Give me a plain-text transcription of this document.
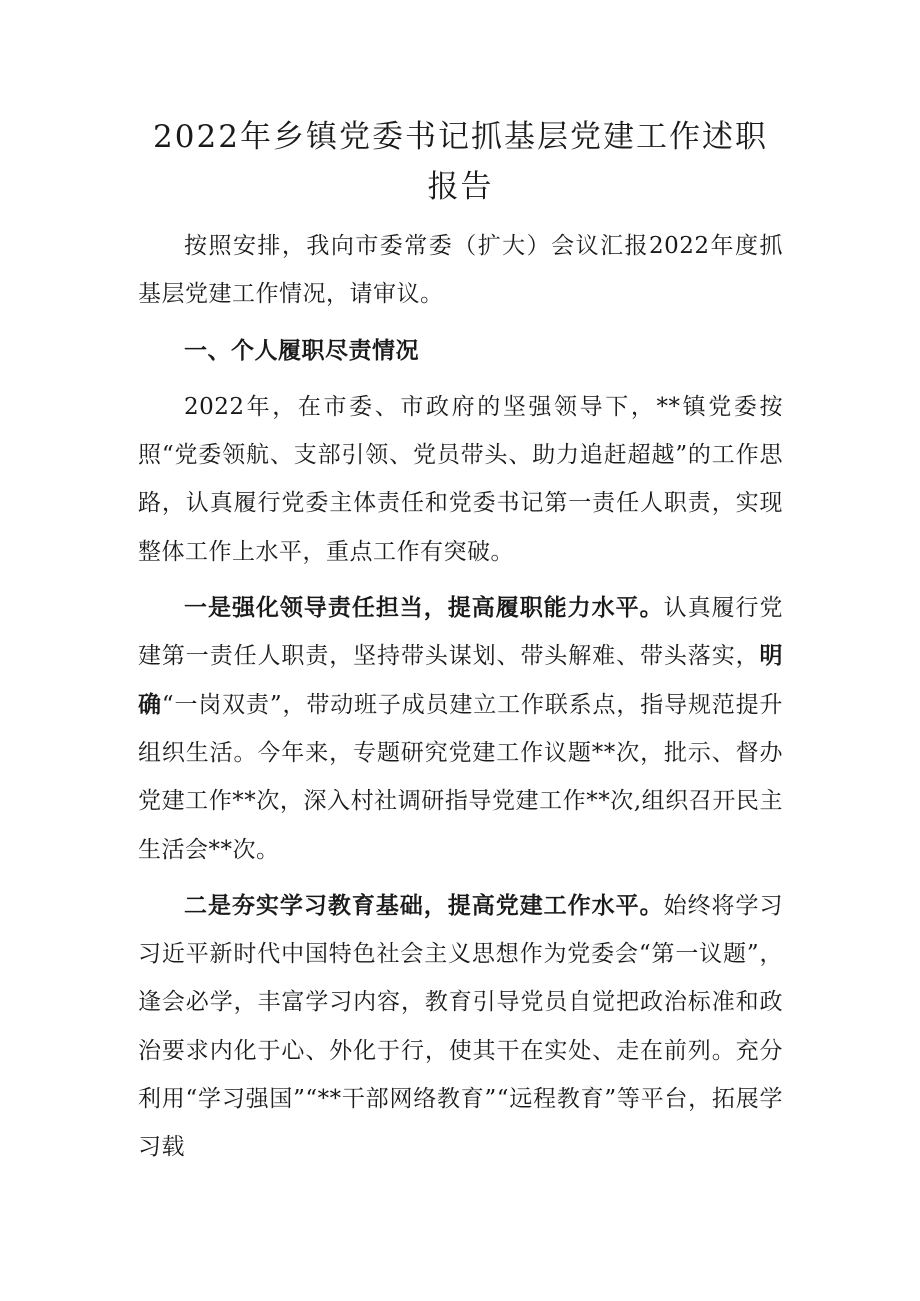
2022年乡镇党委书记抓基层党建工作述职
报告

按照安排，我向市委常委（扩大）会议汇报2022年度抓基层党建工作情况，请审议。

一、个人履职尽责情况

2022年，在市委、市政府的坚强领导下，**镇党委按照“党委领航、支部引领、党员带头、助力追赶超越”的工作思路，认真履行党委主体责任和党委书记第一责任人职责，实现整体工作上水平，重点工作有突破。

一是强化领导责任担当，提高履职能力水平。认真履行党建第一责任人职责，坚持带头谋划、带头解难、带头落实，明确“一岗双责”，带动班子成员建立工作联系点，指导规范提升组织生活。今年来，专题研究党建工作议题**次，批示、督办党建工作**次，深入村社调研指导党建工作**次,组织召开民主生活会**次。

二是夯实学习教育基础，提高党建工作水平。始终将学习习近平新时代中国特色社会主义思想作为党委会“第一议题”，逢会必学，丰富学习内容，教育引导党员自觉把政治标准和政治要求内化于心、外化于行，使其干在实处、走在前列。充分利用“学习强国”“**干部网络教育”“远程教育”等平台，拓展学习载
